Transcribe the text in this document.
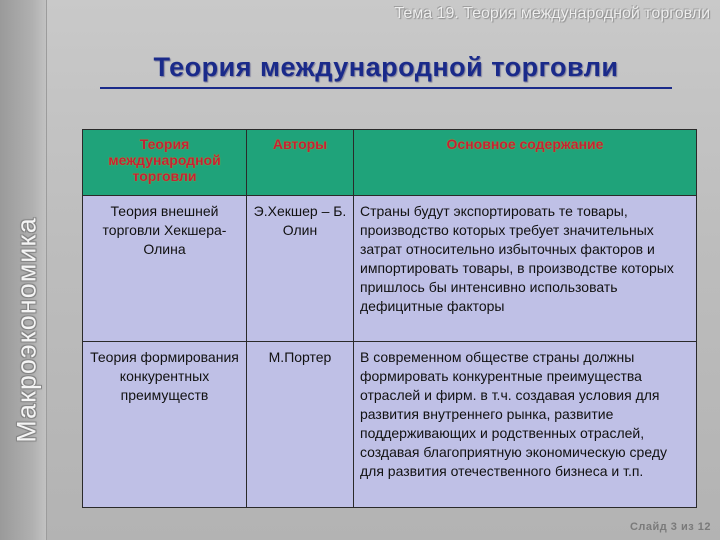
Макроэкономика
Тема 19. Теория международной торговли
Теория международной торговли
Теория международной торговли	Авторы	Основное содержание
Теория внешней торговли Хекшера-Олина	Э.Хекшер – Б. Олин	Страны будут экспортировать те товары, производство которых требует значительных затрат относительно избыточных факторов и импортировать товары, в производстве которых пришлось бы интенсивно использовать дефицитные факторы
Теория формирования конкурентных преимуществ	М.Портер	В современном обществе страны должны формировать конкурентные преимущества отраслей и фирм. в т.ч. создавая условия для развития внутреннего рынка, развитие поддерживающих и родственных отраслей, создавая благоприятную экономическую среду для развития отечественного бизнеса и т.п.
Слайд 3 из 12
